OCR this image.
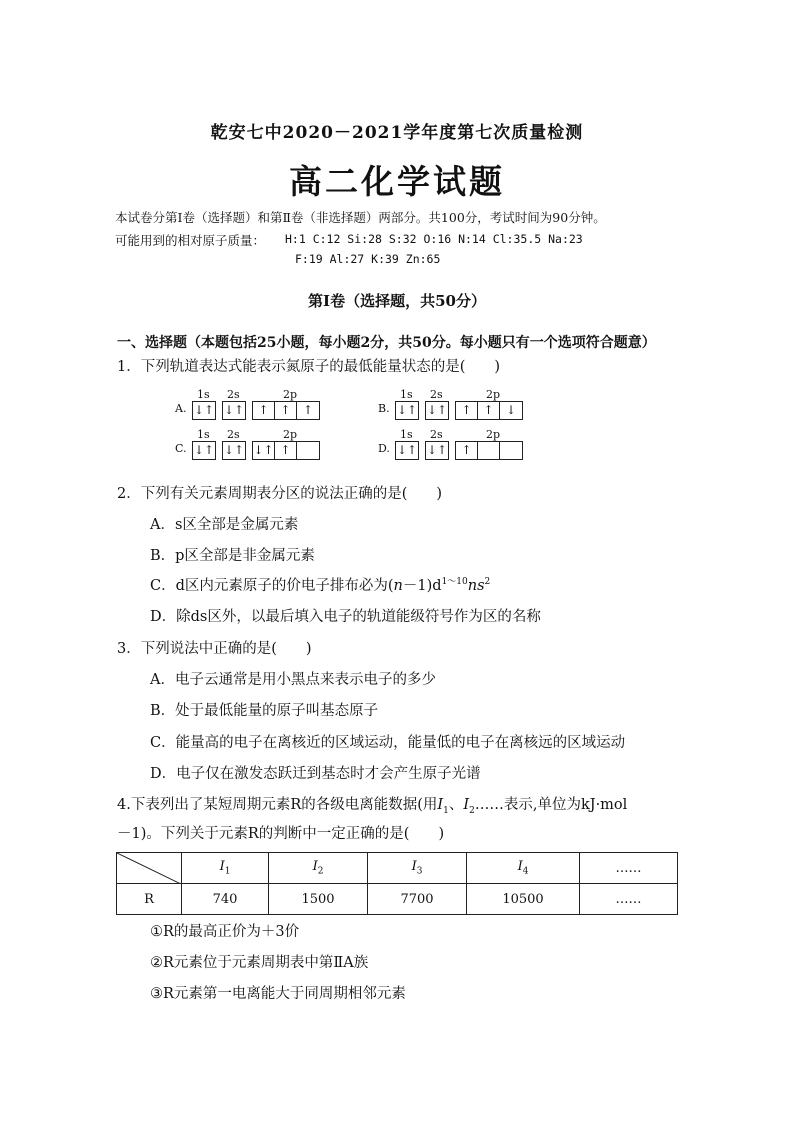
乾安七中2020－2021学年度第七次质量检测
高二化学试题
本试卷分第Ⅰ卷（选择题）和第Ⅱ卷（非选择题）两部分。共100分，考试时间为90分钟。
可能用到的相对原子质量： H:1 C:12 Si:28 S:32 O:16 N:14 Cl:35.5 Na:23
F:19 Al:27 K:39 Zn:65
第Ⅰ卷（选择题，共50分）
一、选择题（本题包括25小题，每小题2分，共50分。每小题只有一个选项符合题意）
1．下列轨道表达式能表示氮原子的最低能量状态的是(　　)
A.
1s 2s	2p
↓↑ ↓↑	↑ ↑	↑	B.
1s 2s	2p
↓↑ ↓↑	↑ ↑	↓
C.
1s 2s	2p
↓↑ ↓↑ ↓↑ ↑	D.
1s 2s	2p
↓↑ ↓↑	↑
2．下列有关元素周期表分区的说法正确的是(　　)
A．s区全部是金属元素
B．p区全部是非金属元素
C．d区内元素原子的价电子排布必为$(n-1)d^{1\sim 10}ns^2$
D．除ds区外，以最后填入电子的轨道能级符号作为区的名称
3．下列说法中正确的是(　　)
A．电子云通常是用小黑点来表示电子的多少
B．处于最低能量的原子叫基态原子
C．能量高的电子在离核近的区域运动，能量低的电子在离核远的区域运动
D．电子仅在激发态跃迁到基态时才会产生原子光谱
4.下表列出了某短周期元素R的各级电离能数据(用$I_1$、$I_2\dots\dots$表示,单位为kJ·mol
－1)。下列关于元素R的判断中一定正确的是(　　)
	$I_1$	$I_2$	$I_3$	$I_4$	……
R	740	1500	7700	10500	……
①R的最高正价为＋3价
②R元素位于元素周期表中第ⅡA族
③R元素第一电离能大于同周期相邻元素
